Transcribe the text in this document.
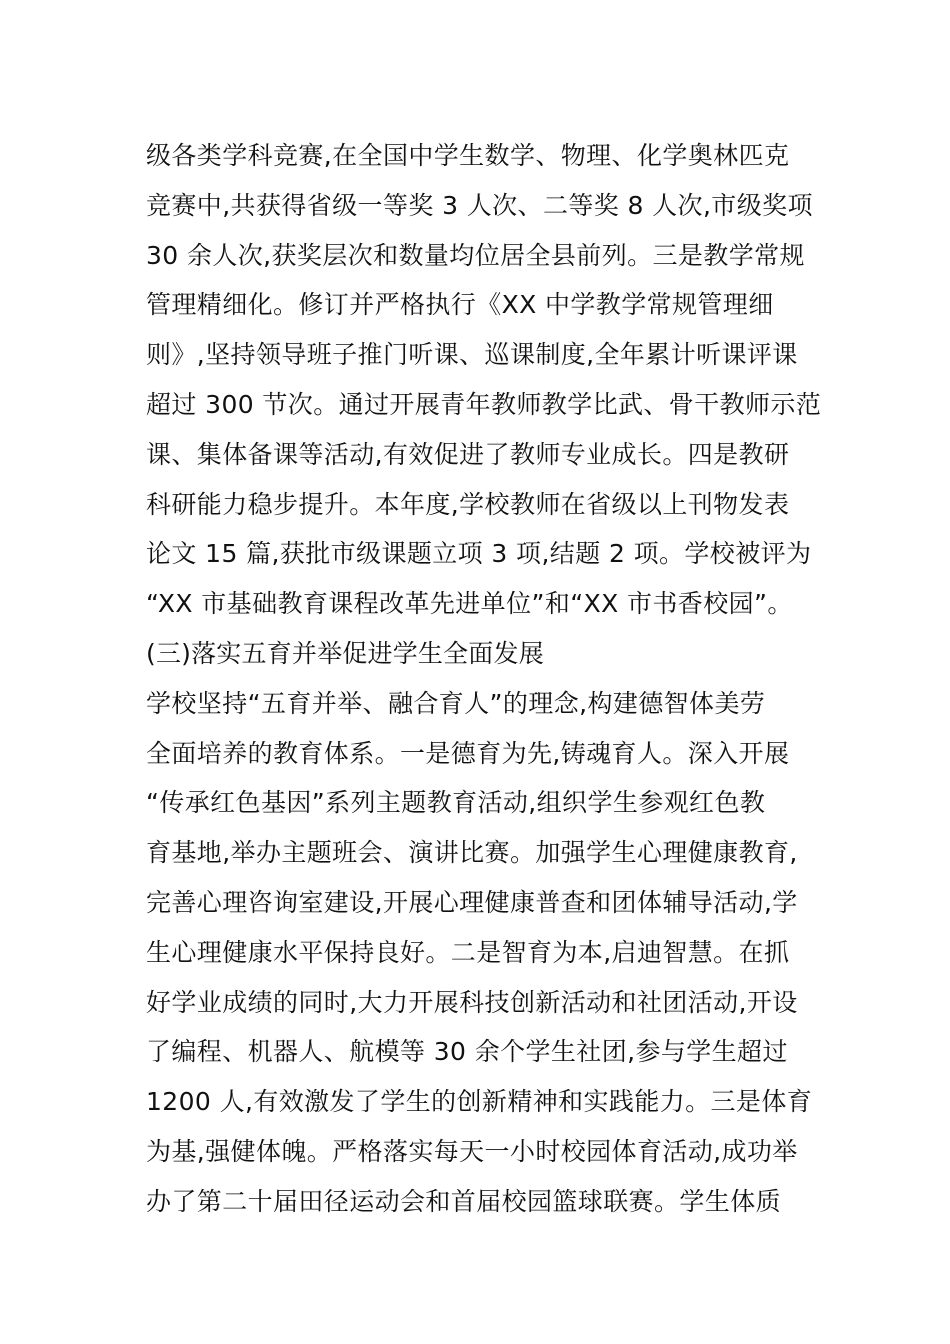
级各类学科竞赛,在全国中学生数学、物理、化学奥林匹克
竞赛中,共获得省级一等奖 3 人次、二等奖 8 人次,市级奖项
30 余人次,获奖层次和数量均位居全县前列。三是教学常规
管理精细化。修订并严格执行《XX 中学教学常规管理细
则》,坚持领导班子推门听课、巡课制度,全年累计听课评课
超过 300 节次。通过开展青年教师教学比武、骨干教师示范
课、集体备课等活动,有效促进了教师专业成长。四是教研
科研能力稳步提升。本年度,学校教师在省级以上刊物发表
论文 15 篇,获批市级课题立项 3 项,结题 2 项。学校被评为
“XX 市基础教育课程改革先进单位”和“XX 市书香校园”。
(三)落实五育并举促进学生全面发展
学校坚持“五育并举、融合育人”的理念,构建德智体美劳
全面培养的教育体系。一是德育为先,铸魂育人。深入开展
“传承红色基因”系列主题教育活动,组织学生参观红色教
育基地,举办主题班会、演讲比赛。加强学生心理健康教育,
完善心理咨询室建设,开展心理健康普查和团体辅导活动,学
生心理健康水平保持良好。二是智育为本,启迪智慧。在抓
好学业成绩的同时,大力开展科技创新活动和社团活动,开设
了编程、机器人、航模等 30 余个学生社团,参与学生超过
1200 人,有效激发了学生的创新精神和实践能力。三是体育
为基,强健体魄。严格落实每天一小时校园体育活动,成功举
办了第二十届田径运动会和首届校园篮球联赛。学生体质
